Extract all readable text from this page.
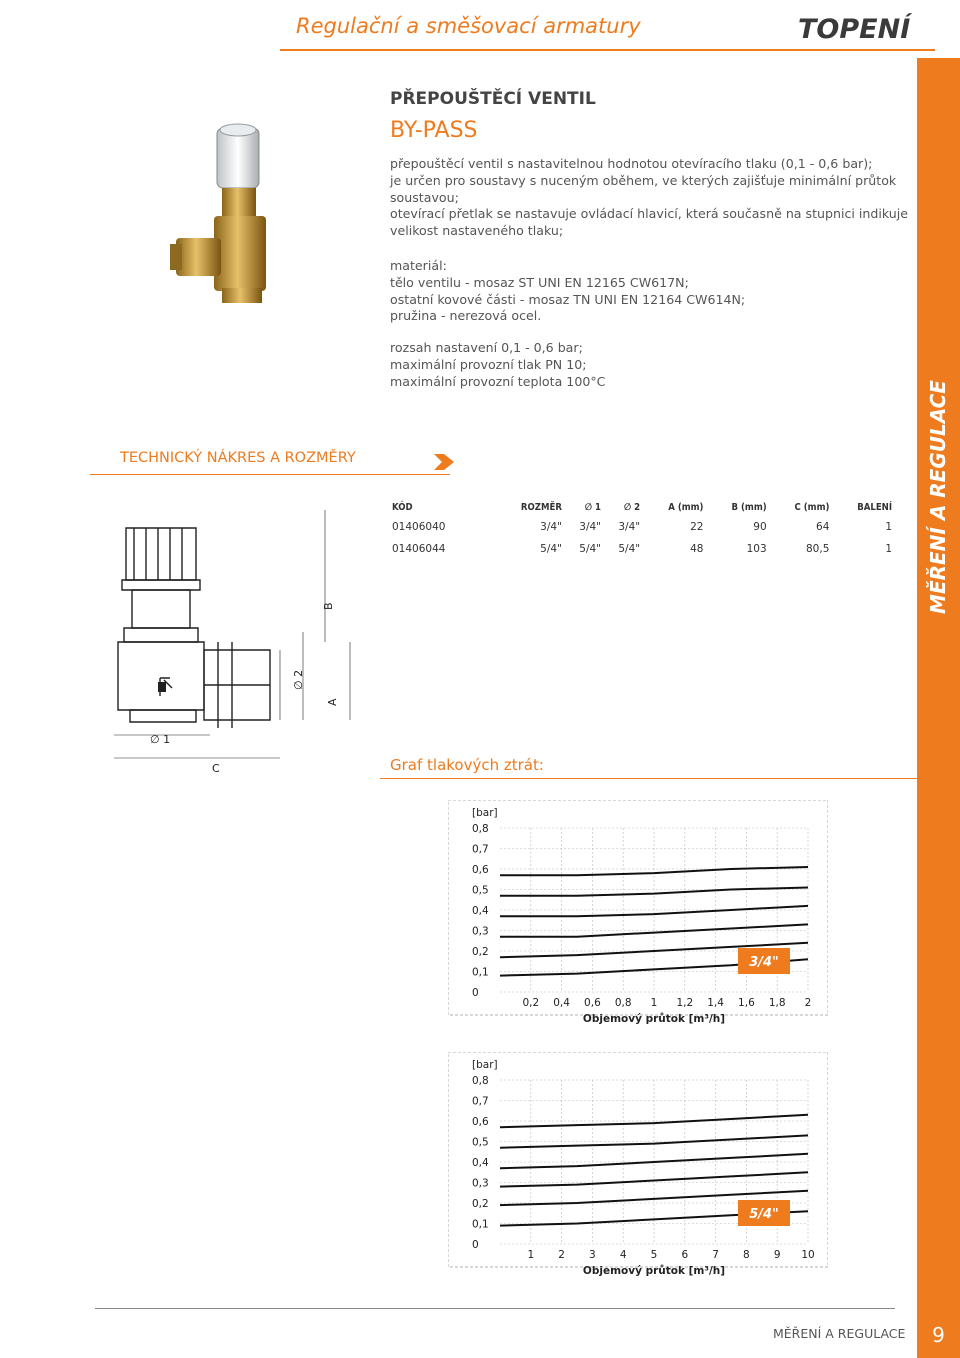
Regulační a směšovací armatury	TOPENÍ
MĚŘENÍ A REGULACE
PŘEPOUŠTĚCÍ VENTIL
BY-PASS
přepouštěcí ventil s nastavitelnou hodnotou otevíracího tlaku (0,1 - 0,6 bar);
je určen pro soustavy s nuceným oběhem, ve kterých zajišťuje minimální průtok
soustavou;
otevírací přetlak se nastavuje ovládací hlavicí, která současně na stupnici indikuje
velikost nastaveného tlaku;
materiál:
tělo ventilu - mosaz ST UNI EN 12165 CW617N;
ostatní kovové části - mosaz TN UNI EN 12164 CW614N;
pružina - nerezová ocel.
rozsah nastavení 0,1 - 0,6 bar;
maximální provozní tlak PN 10;
maximální provozní teplota 100°C
TECHNICKÝ NÁKRES A ROZMĚRY
∅ 1
C
B
A
∅ 2
KÓD	ROZMĚR	∅ 1	∅ 2	A (mm)	B (mm)	C (mm)	BALENÍ
01406040	3/4"	3/4"	3/4"	22	90	64	1
01406044	5/4"	5/4"	5/4"	48	103	80,5	1
Graf tlakových ztrát:
0,2 0,4 0,6 0,8 1 1,2 1,4 1,6 1,8 2
0,8
0,7
0,6
0,5
0,4
0,3
0,2
0,1
0
[bar]
Objemový průtok [m³/h]
3/4"
1 2 3 4 5 6 7 8 9 10
0,8
0,7
0,6
0,5
0,4
0,3
0,2
0,1
0
[bar]
Objemový průtok [m³/h]
5/4"
MĚŘENÍ A REGULACE	9
